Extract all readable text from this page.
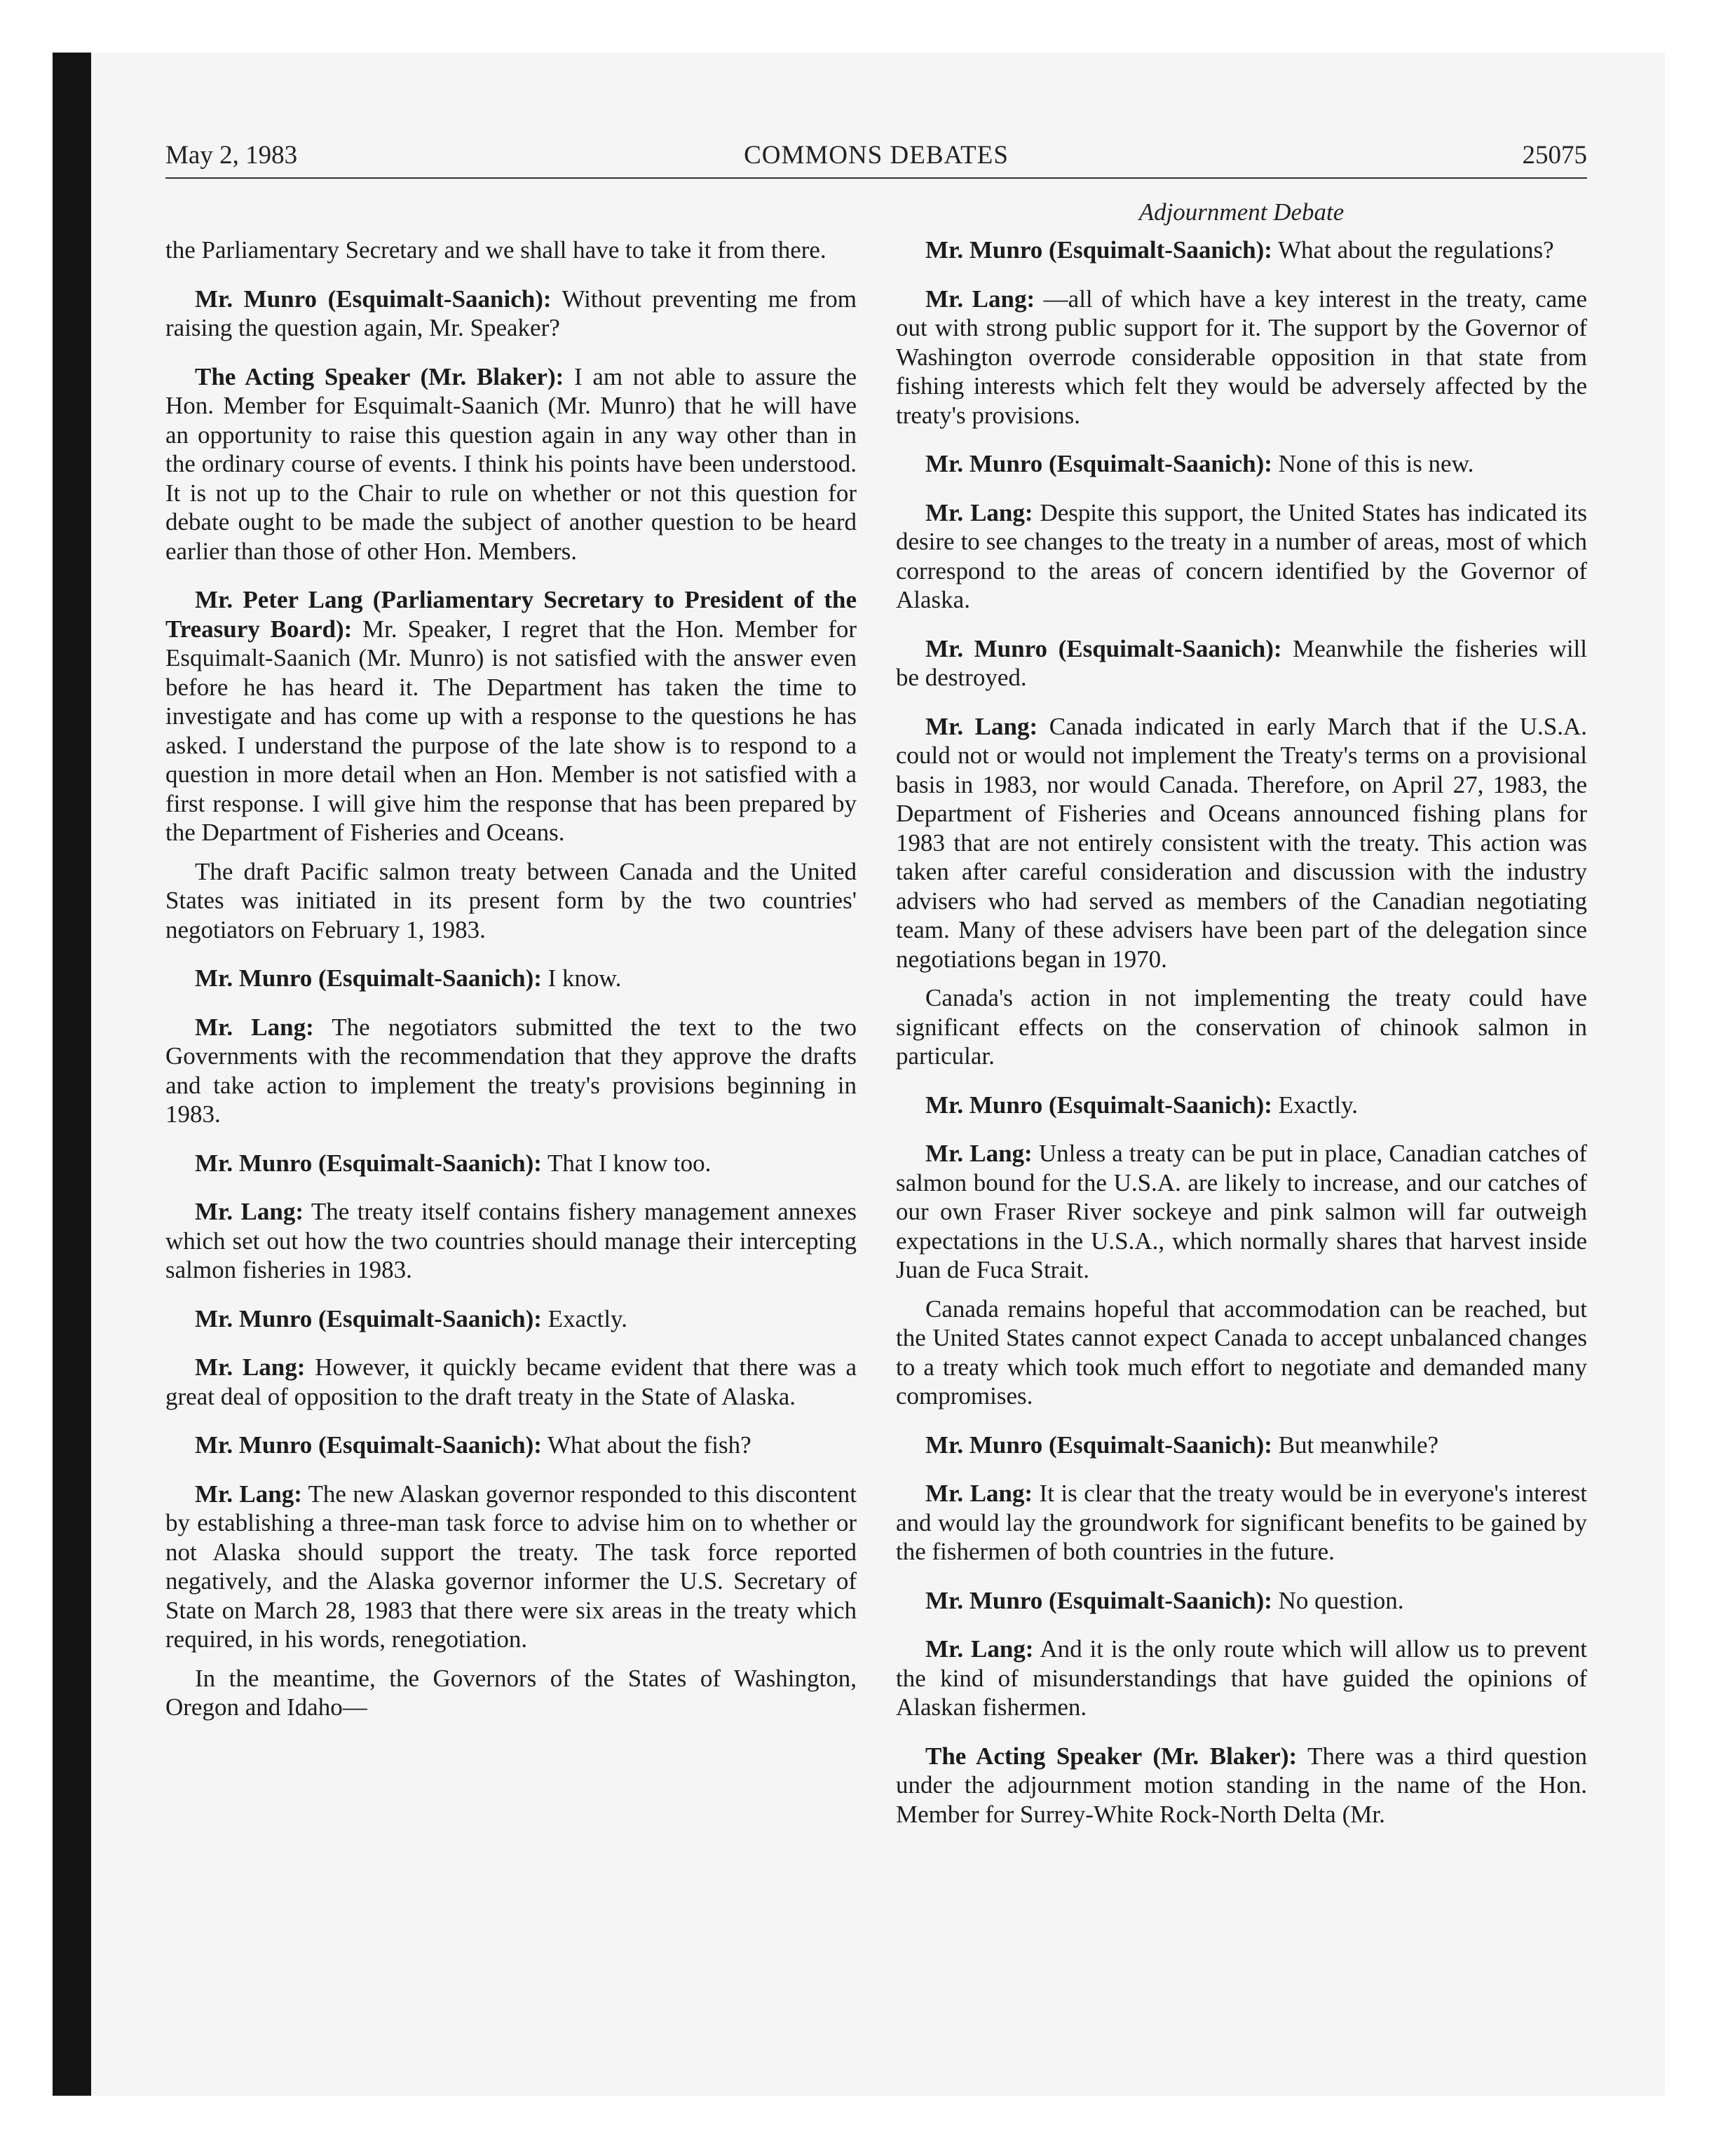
May 2, 1983	COMMONS DEBATES	25075
Adjournment Debate

the Parliamentary Secretary and we shall have to take it from there.

Mr. Munro (Esquimalt-Saanich): Without preventing me from raising the question again, Mr. Speaker?

The Acting Speaker (Mr. Blaker): I am not able to assure the Hon. Member for Esquimalt-Saanich (Mr. Munro) that he will have an opportunity to raise this question again in any way other than in the ordinary course of events. I think his points have been understood. It is not up to the Chair to rule on whether or not this question for debate ought to be made the subject of another question to be heard earlier than those of other Hon. Members.

Mr. Peter Lang (Parliamentary Secretary to President of the Treasury Board): Mr. Speaker, I regret that the Hon. Member for Esquimalt-Saanich (Mr. Munro) is not satisfied with the answer even before he has heard it. The Department has taken the time to investigate and has come up with a response to the questions he has asked. I understand the purpose of the late show is to respond to a question in more detail when an Hon. Member is not satisfied with a first response. I will give him the response that has been prepared by the Department of Fisheries and Oceans.

The draft Pacific salmon treaty between Canada and the United States was initiated in its present form by the two countries' negotiators on February 1, 1983.

Mr. Munro (Esquimalt-Saanich): I know.

Mr. Lang: The negotiators submitted the text to the two Governments with the recommendation that they approve the drafts and take action to implement the treaty's provisions beginning in 1983.

Mr. Munro (Esquimalt-Saanich): That I know too.

Mr. Lang: The treaty itself contains fishery management annexes which set out how the two countries should manage their intercepting salmon fisheries in 1983.

Mr. Munro (Esquimalt-Saanich): Exactly.

Mr. Lang: However, it quickly became evident that there was a great deal of opposition to the draft treaty in the State of Alaska.

Mr. Munro (Esquimalt-Saanich): What about the fish?

Mr. Lang: The new Alaskan governor responded to this discontent by establishing a three-man task force to advise him on to whether or not Alaska should support the treaty. The task force reported negatively, and the Alaska governor informer the U.S. Secretary of State on March 28, 1983 that there were six areas in the treaty which required, in his words, renegotiation.

In the meantime, the Governors of the States of Washington, Oregon and Idaho—

Mr. Munro (Esquimalt-Saanich): What about the regulations?

Mr. Lang: —all of which have a key interest in the treaty, came out with strong public support for it. The support by the Governor of Washington overrode considerable opposition in that state from fishing interests which felt they would be adversely affected by the treaty's provisions.

Mr. Munro (Esquimalt-Saanich): None of this is new.

Mr. Lang: Despite this support, the United States has indicated its desire to see changes to the treaty in a number of areas, most of which correspond to the areas of concern identified by the Governor of Alaska.

Mr. Munro (Esquimalt-Saanich): Meanwhile the fisheries will be destroyed.

Mr. Lang: Canada indicated in early March that if the U.S.A. could not or would not implement the Treaty's terms on a provisional basis in 1983, nor would Canada. Therefore, on April 27, 1983, the Department of Fisheries and Oceans announced fishing plans for 1983 that are not entirely consistent with the treaty. This action was taken after careful consideration and discussion with the industry advisers who had served as members of the Canadian negotiating team. Many of these advisers have been part of the delegation since negotiations began in 1970.

Canada's action in not implementing the treaty could have significant effects on the conservation of chinook salmon in particular.

Mr. Munro (Esquimalt-Saanich): Exactly.

Mr. Lang: Unless a treaty can be put in place, Canadian catches of salmon bound for the U.S.A. are likely to increase, and our catches of our own Fraser River sockeye and pink salmon will far outweigh expectations in the U.S.A., which normally shares that harvest inside Juan de Fuca Strait.

Canada remains hopeful that accommodation can be reached, but the United States cannot expect Canada to accept unbalanced changes to a treaty which took much effort to negotiate and demanded many compromises.

Mr. Munro (Esquimalt-Saanich): But meanwhile?

Mr. Lang: It is clear that the treaty would be in everyone's interest and would lay the groundwork for significant benefits to be gained by the fishermen of both countries in the future.

Mr. Munro (Esquimalt-Saanich): No question.

Mr. Lang: And it is the only route which will allow us to prevent the kind of misunderstandings that have guided the opinions of Alaskan fishermen.

The Acting Speaker (Mr. Blaker): There was a third question under the adjournment motion standing in the name of the Hon. Member for Surrey-White Rock-North Delta (Mr.
